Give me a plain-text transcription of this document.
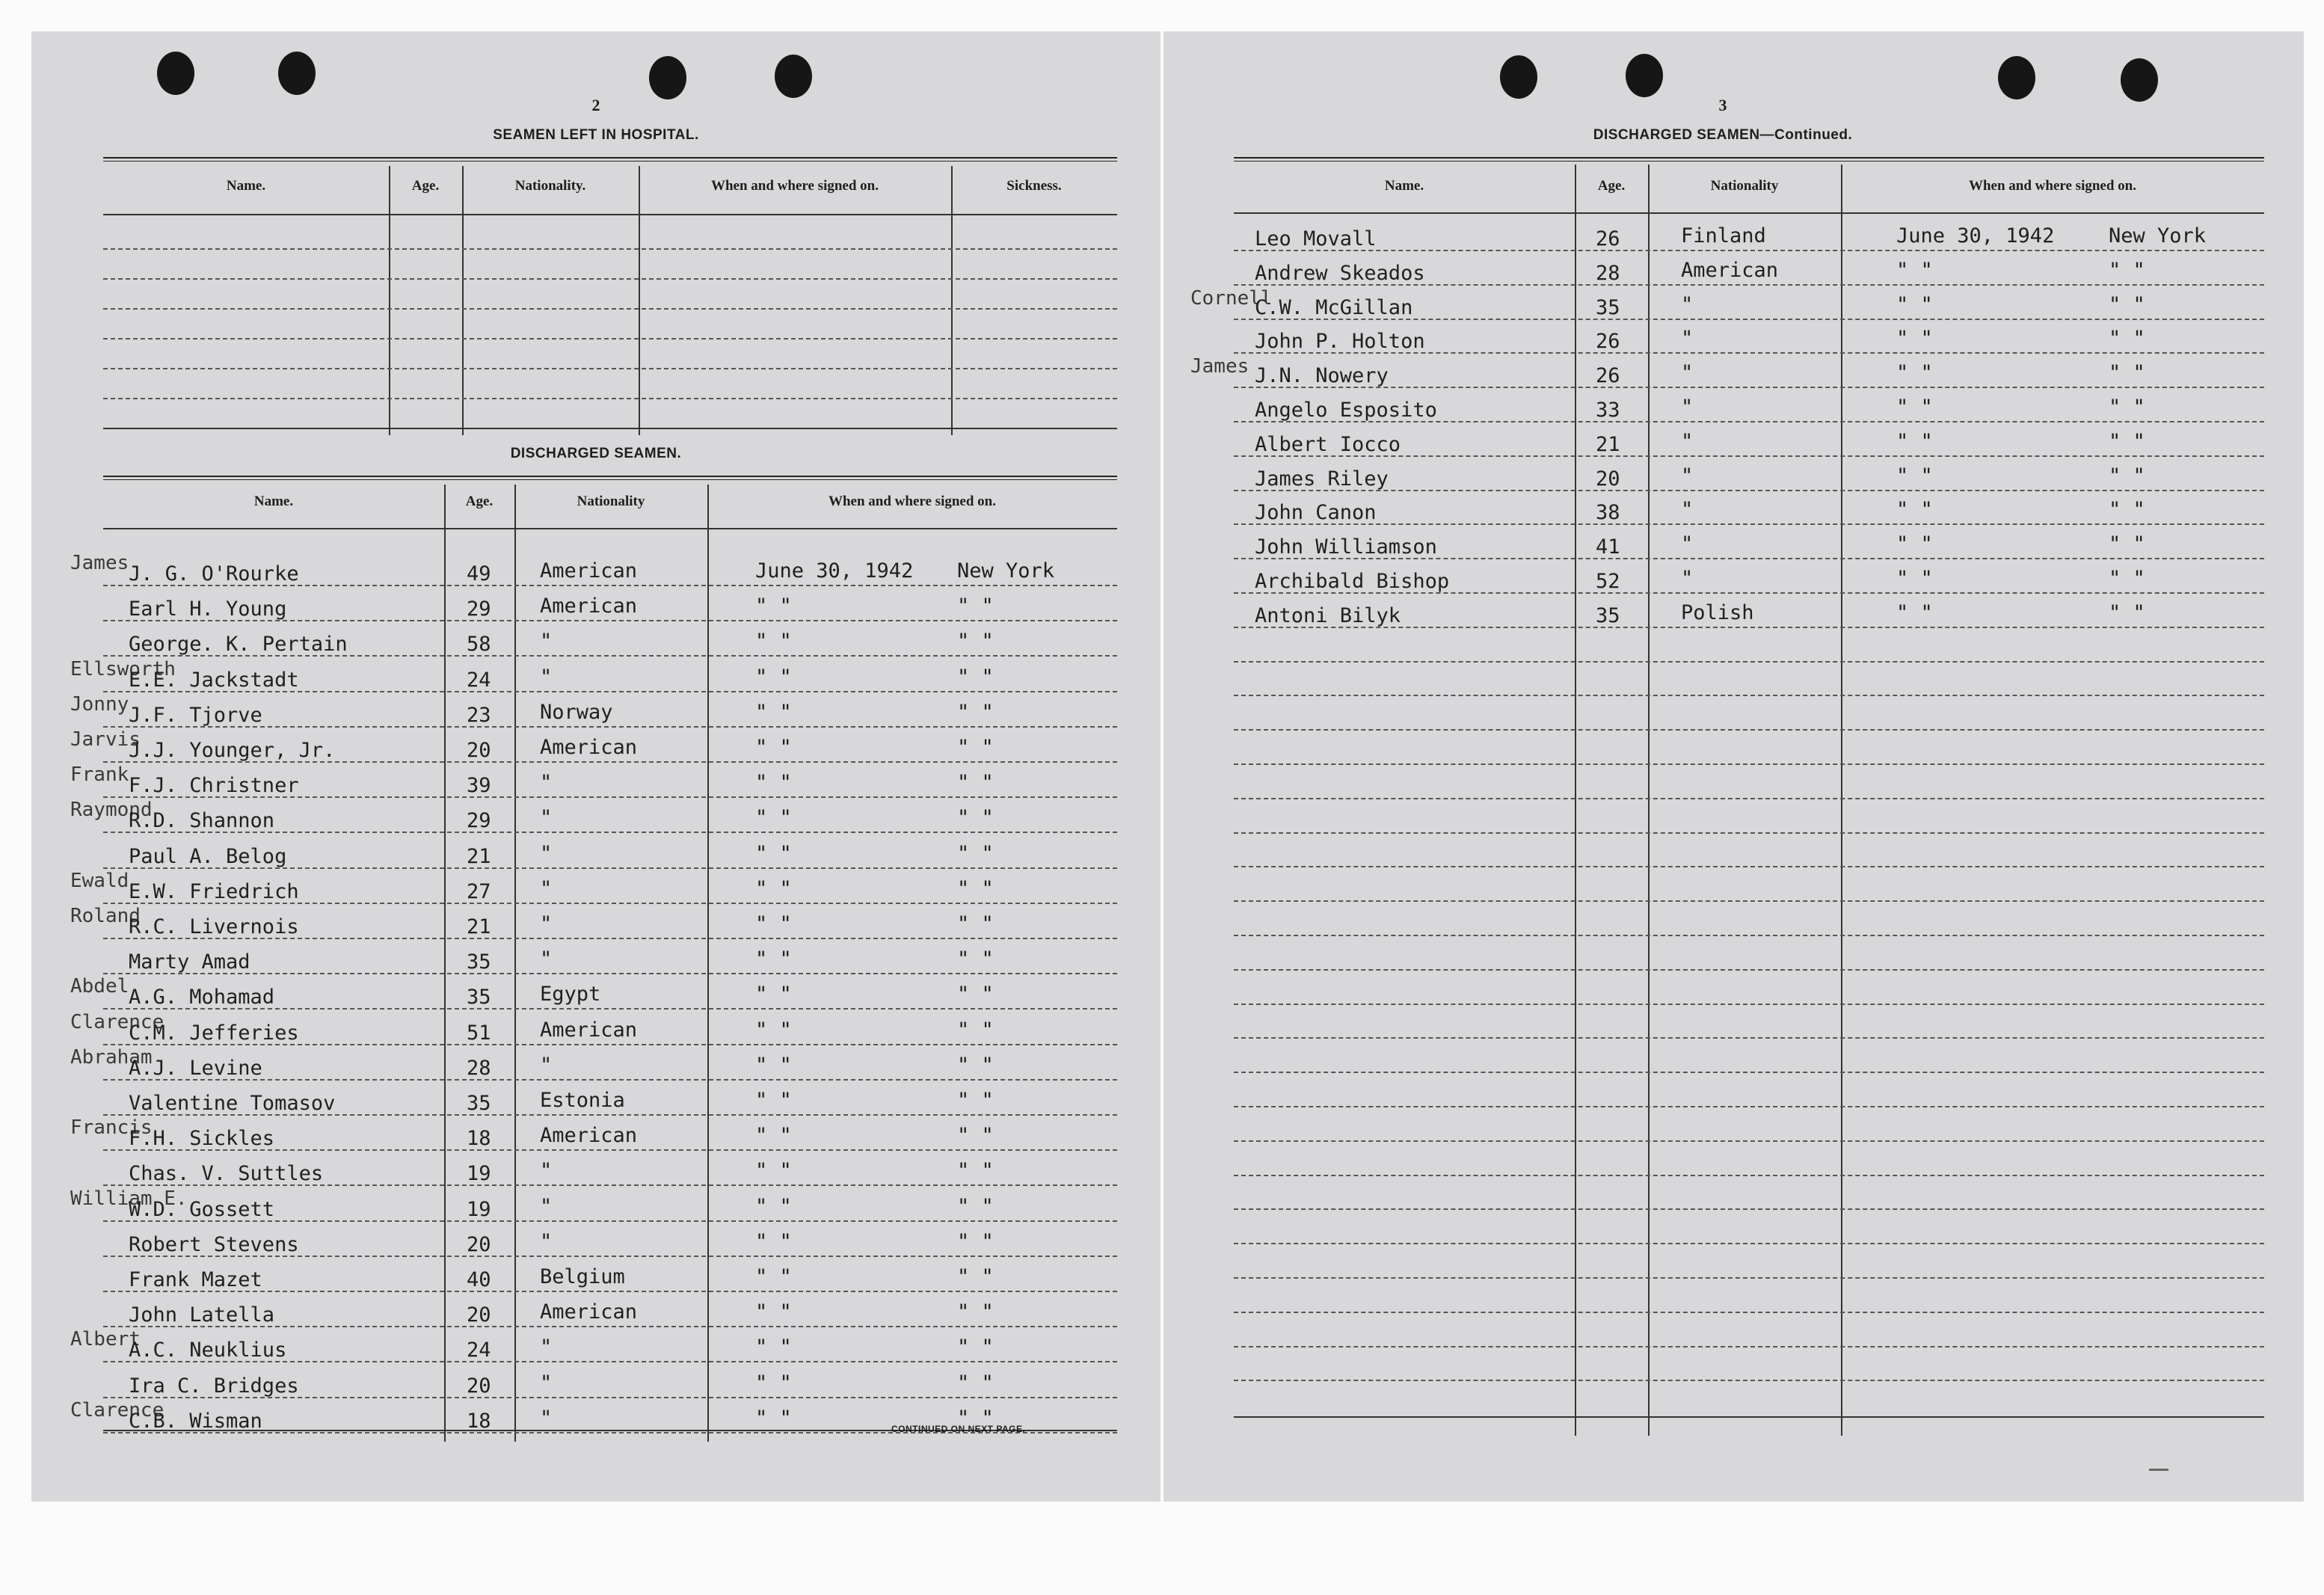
2
SEAMEN LEFT IN HOSPITAL.
Name.	Age.	Nationality.	When and where signed on.	Sickness.
DISCHARGED SEAMEN.
Name.	Age.	Nationality	When and where signed on.
James J. G. O'Rourke	49 American	June 30, 1942 New York
Earl H. Young	29 American	" "	" "
George. K. Pertain	58 "	" "	" "
Ellsworth
E.E. Jackstadt	24 "	" "	" "
Jonny J.F. Tjorve	23 Norway	" "	" "
Jarvis
J.J. Younger, Jr.	20 American	" "	" "
Frank F.J. Christner	39 "	" "	" "
Raymond
R.D. Shannon	29 "	" "	" "
Paul A. Belog	21 "	" "	" "
Ewald E.W. Friedrich	27 "	" "	" "
Roland
R.C. Livernois	21 "	" "	" "
Marty Amad	35 "	" "	" "
Abdel A.G. Mohamad	35 Egypt	" "	" "
Clarence
C.M. Jefferies	51 American	" "	" "
Abraham
A.J. Levine	28 "	" "	" "
Valentine Tomasov	35 Estonia	" "	" "
Francis
F.H. Sickles	18 American	" "	" "
Chas. V. Suttles	19 "	" "	" "
William E.
W.D. Gossett	19 "	" "	" "
Robert Stevens	20 "	" "	" "
Frank Mazet	40 Belgium	" "	" "
John Latella	20 American	" "	" "
Albert
A.C. Neuklius	24 "	" "	" "
Ira C. Bridges	20 "	" "	" "
Clarence
C.B. Wisman	18 "	" "	" "
CONTINUED ON NEXT PAGE.
3
DISCHARGED SEAMEN—Continued.
Name.	Age.	Nationality	When and where signed on.
Leo Movall	26	Finland	June 30, 1942	New York
Andrew Skeados	28	American	" "	" "
Cornell
C.W. McGillan	35	"	" "	" "
John P. Holton	26	"	" "	" "
James J.N. Nowery	26	"	" "	" "
Angelo Esposito	33	"	" "	" "
Albert Iocco	21	"	" "	" "
James Riley	20	"	" "	" "
John Canon	38	"	" "	" "
John Williamson	41	"	" "	" "
Archibald Bishop	52	"	" "	" "
Antoni Bilyk	35	Polish	" "	" "
